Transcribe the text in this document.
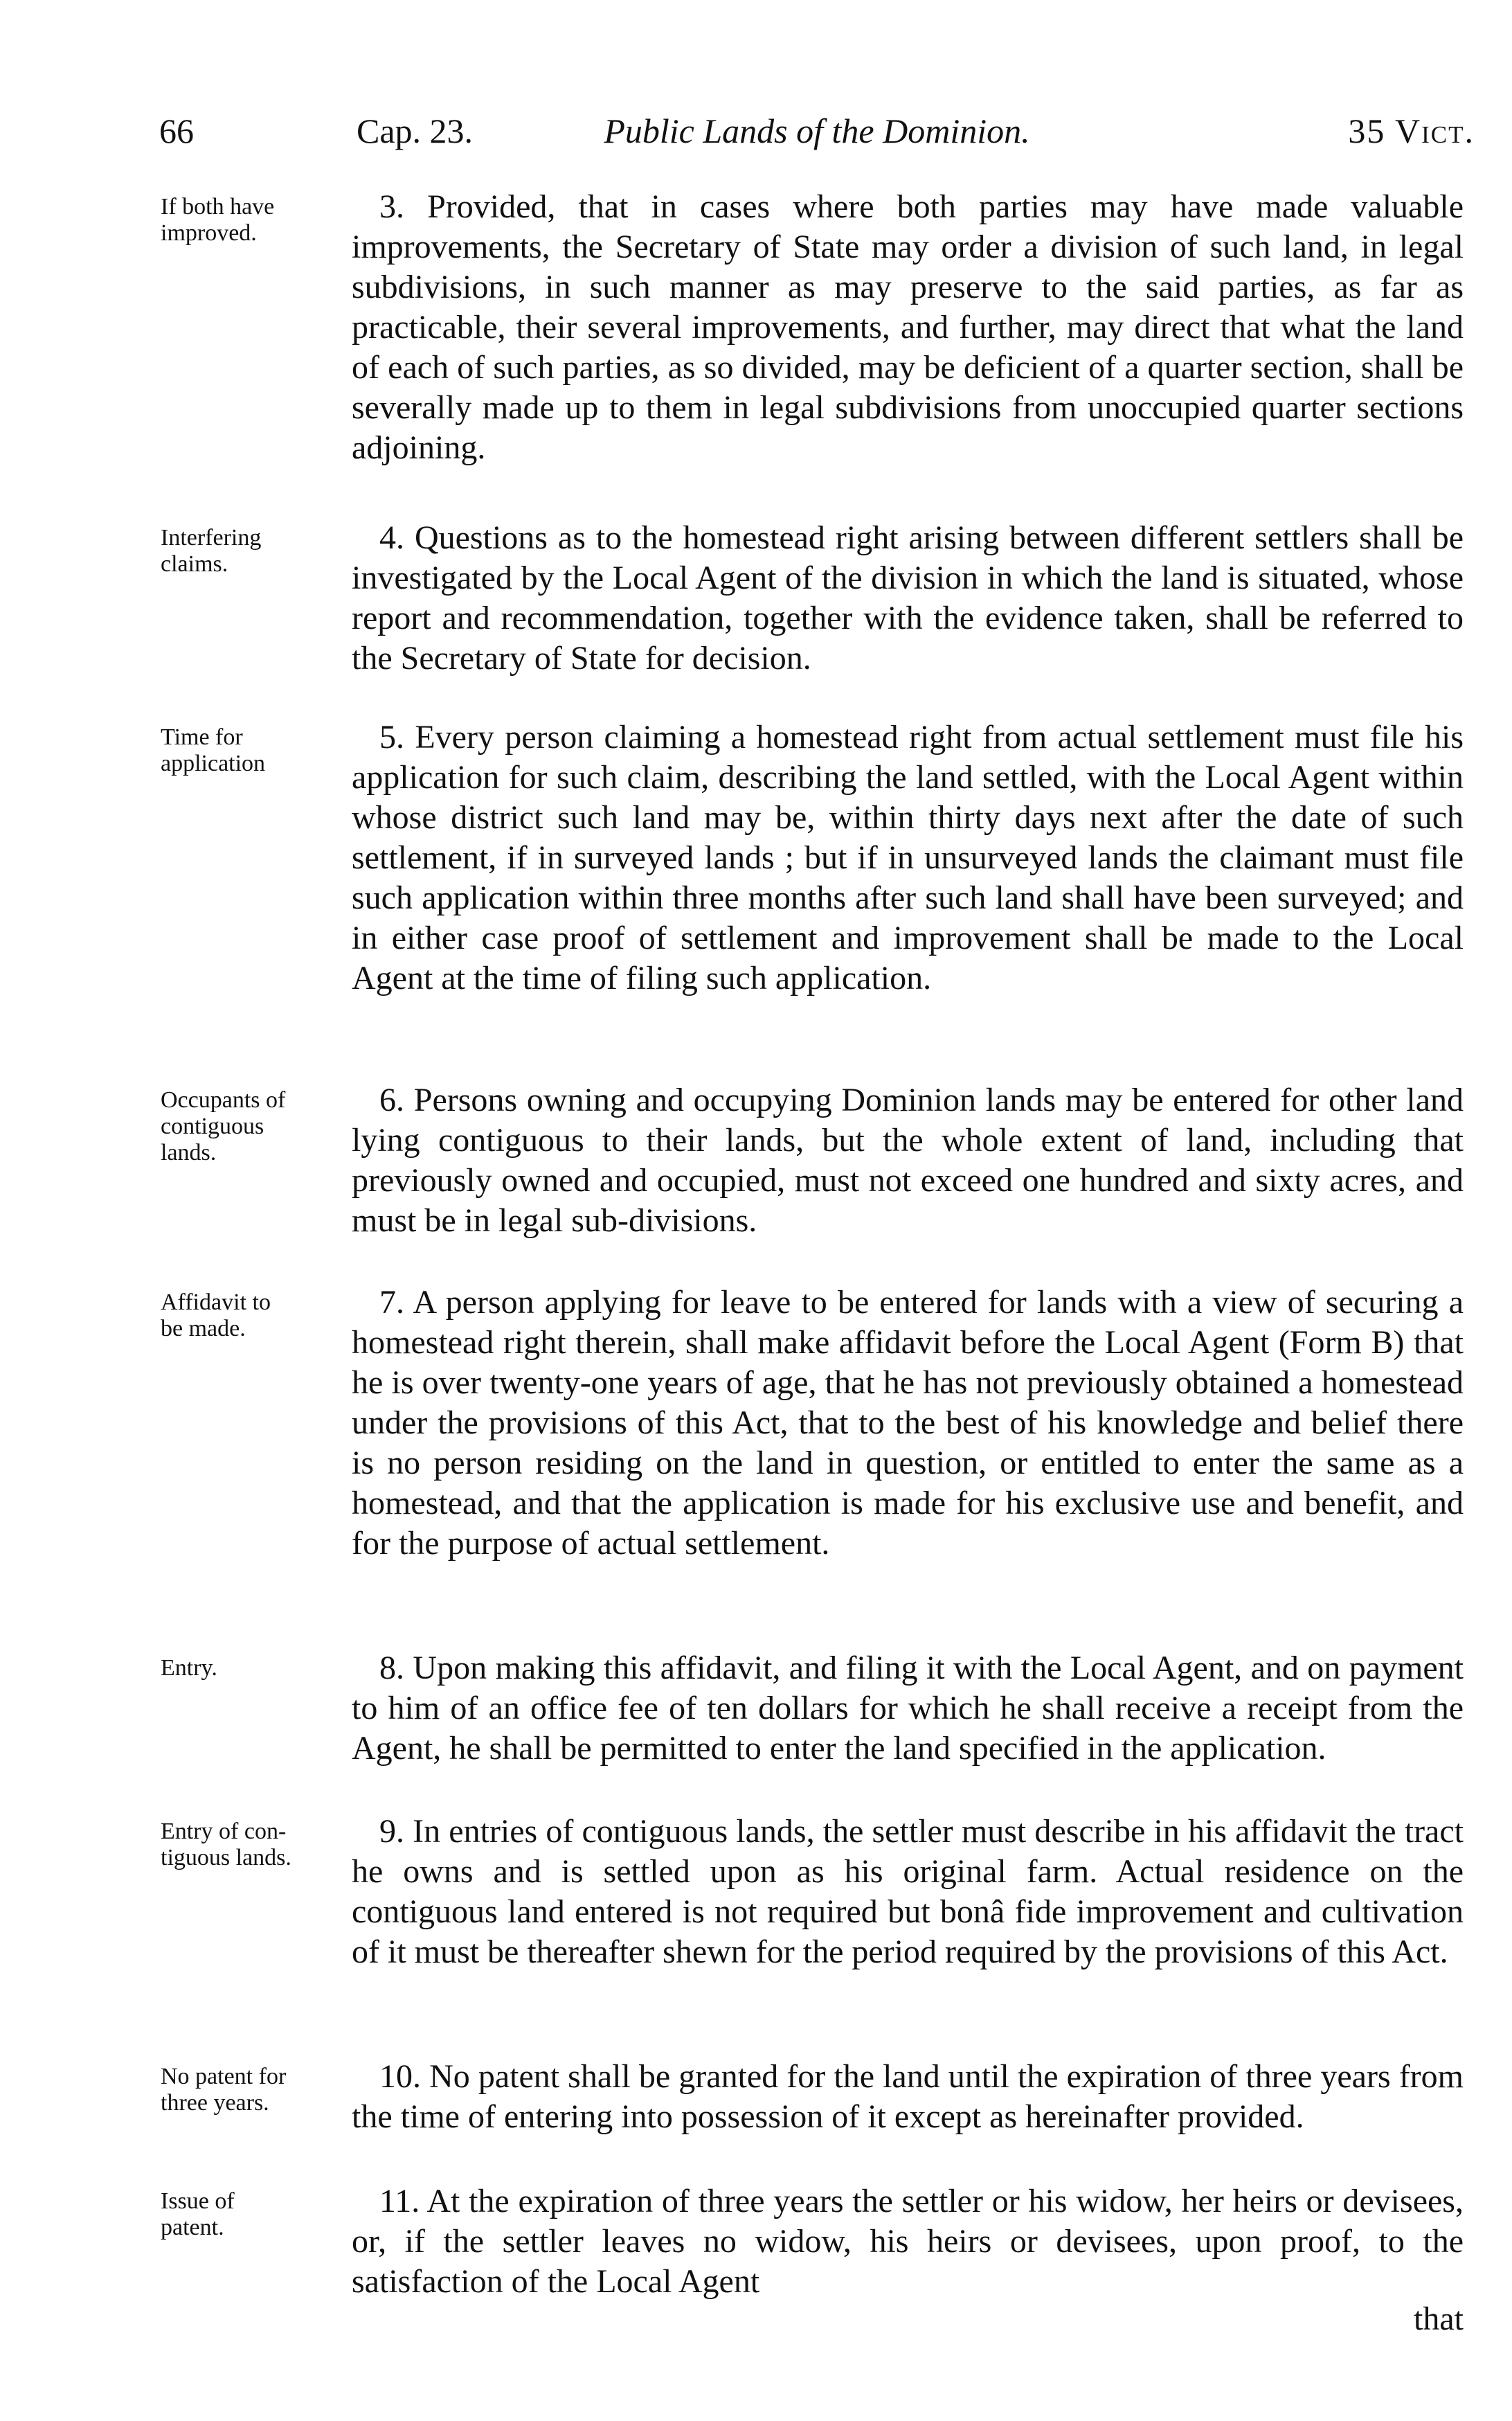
66	Cap. 23.	Public Lands of the Dominion.	35 Vict.
If both have
improved.
3. Provided, that in cases where both parties may have made valuable improvements, the Secretary of State may order a division of such land, in legal subdivisions, in such manner as may preserve to the said parties, as far as practicable, their several improvements, and further, may direct that what the land of each of such parties, as so divided, may be deficient of a quarter section, shall be severally made up to them in legal subdivisions from unoccupied quarter sections adjoining.
Interfering
claims.
4. Questions as to the homestead right arising between different settlers shall be investigated by the Local Agent of the division in which the land is situated, whose report and recommendation, together with the evidence taken, shall be referred to the Secretary of State for decision.
Time for
application
5. Every person claiming a homestead right from actual settlement must file his application for such claim, describing the land settled, with the Local Agent within whose district such land may be, within thirty days next after the date of such settlement, if in surveyed lands ; but if in unsurveyed lands the claimant must file such application within three months after such land shall have been surveyed; and in either case proof of settlement and improvement shall be made to the Local Agent at the time of filing such application.
Occupants of
contiguous
lands.
6. Persons owning and occupying Dominion lands may be entered for other land lying contiguous to their lands, but the whole extent of land, including that previously owned and occupied, must not exceed one hundred and sixty acres, and must be in legal sub-divisions.
Affidavit to
be made.
7. A person applying for leave to be entered for lands with a view of securing a homestead right therein, shall make affidavit before the Local Agent (Form B) that he is over twenty-one years of age, that he has not previously obtained a homestead under the provisions of this Act, that to the best of his knowledge and belief there is no person residing on the land in question, or entitled to enter the same as a homestead, and that the application is made for his exclusive use and benefit, and for the purpose of actual settlement.
Entry.	8. Upon making this affidavit, and filing it with the Local Agent, and on payment to him of an office fee of ten dollars for which he shall receive a receipt from the Agent, he shall be permitted to enter the land specified in the application.
Entry of con-
tiguous lands.
9. In entries of contiguous lands, the settler must describe in his affidavit the tract he owns and is settled upon as his original farm. Actual residence on the contiguous land entered is not required but bonâ fide improvement and cultivation of it must be thereafter shewn for the period required by the provisions of this Act.
No patent for
three years.
10. No patent shall be granted for the land until the expiration of three years from the time of entering into possession of it except as hereinafter provided.
Issue of
patent.
11. At the expiration of three years the settler or his widow, her heirs or devisees, or, if the settler leaves no widow, his heirs or devisees, upon proof, to the satisfaction of the Local Agent
that
